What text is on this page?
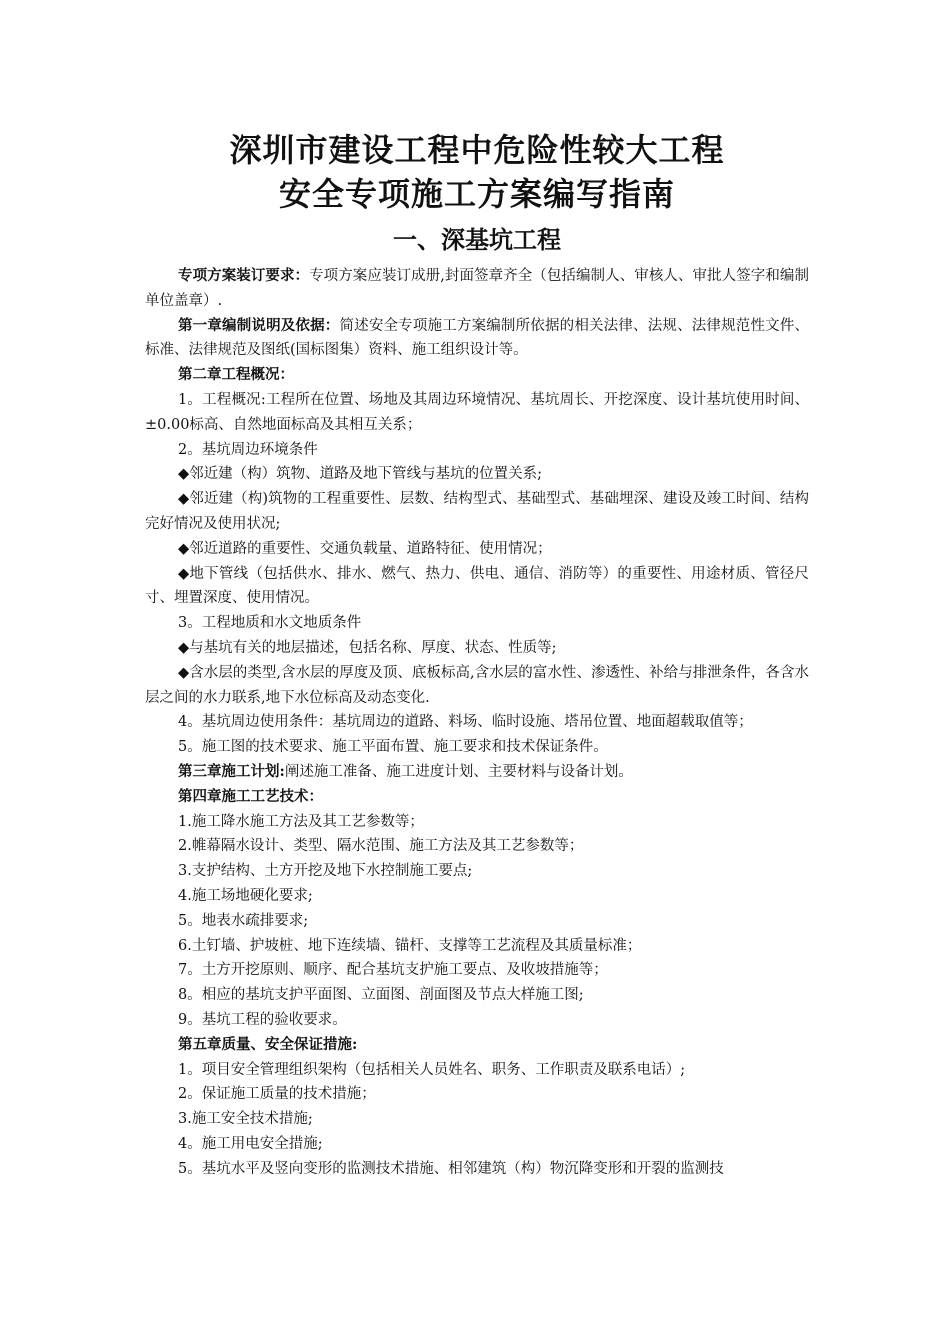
深圳市建设工程中危险性较大工程
安全专项施工方案编写指南
一、深基坑工程

专项方案装订要求：专项方案应装订成册,封面签章齐全（包括编制人、审核人、审批人签字和编制单位盖章）.

第一章编制说明及依据：简述安全专项施工方案编制所依据的相关法律、法规、法律规范性文件、标准、法律规范及图纸(国标图集）资料、施工组织设计等。

第二章工程概况：

1。工程概况:工程所在位置、场地及其周边环境情况、基坑周长、开挖深度、设计基坑使用时间、±0.00标高、自然地面标高及其相互关系；

2。基坑周边环境条件

◆邻近建（构）筑物、道路及地下管线与基坑的位置关系;

◆邻近建（构)筑物的工程重要性、层数、结构型式、基础型式、基础埋深、建设及竣工时间、结构完好情况及使用状况;

◆邻近道路的重要性、交通负载量、道路特征、使用情况；

◆地下管线（包括供水、排水、燃气、热力、供电、通信、消防等）的重要性、用途材质、管径尺寸、埋置深度、使用情况。

3。工程地质和水文地质条件

◆与基坑有关的地层描述，包括名称、厚度、状态、性质等;

◆含水层的类型,含水层的厚度及顶、底板标高,含水层的富水性、渗透性、补给与排泄条件，各含水层之间的水力联系,地下水位标高及动态变化.

4。基坑周边使用条件：基坑周边的道路、料场、临时设施、塔吊位置、地面超载取值等；

5。施工图的技术要求、施工平面布置、施工要求和技术保证条件。

第三章施工计划:阐述施工准备、施工进度计划、主要材料与设备计划。

第四章施工工艺技术：

1.施工降水施工方法及其工艺参数等；

2.帷幕隔水设计、类型、隔水范围、施工方法及其工艺参数等；

3.支护结构、土方开挖及地下水控制施工要点;

4.施工场地硬化要求;

5。地表水疏排要求;

6.土钉墙、护坡桩、地下连续墙、锚杆、支撑等工艺流程及其质量标准；

7。土方开挖原则、顺序、配合基坑支护施工要点、及收坡措施等；

8。相应的基坑支护平面图、立面图、剖面图及节点大样施工图;

9。基坑工程的验收要求。

第五章质量、安全保证措施:

1。项目安全管理组织架构（包括相关人员姓名、职务、工作职责及联系电话）;

2。保证施工质量的技术措施；

3.施工安全技术措施;

4。施工用电安全措施;

5。基坑水平及竖向变形的监测技术措施、相邻建筑（构）物沉降变形和开裂的监测技
